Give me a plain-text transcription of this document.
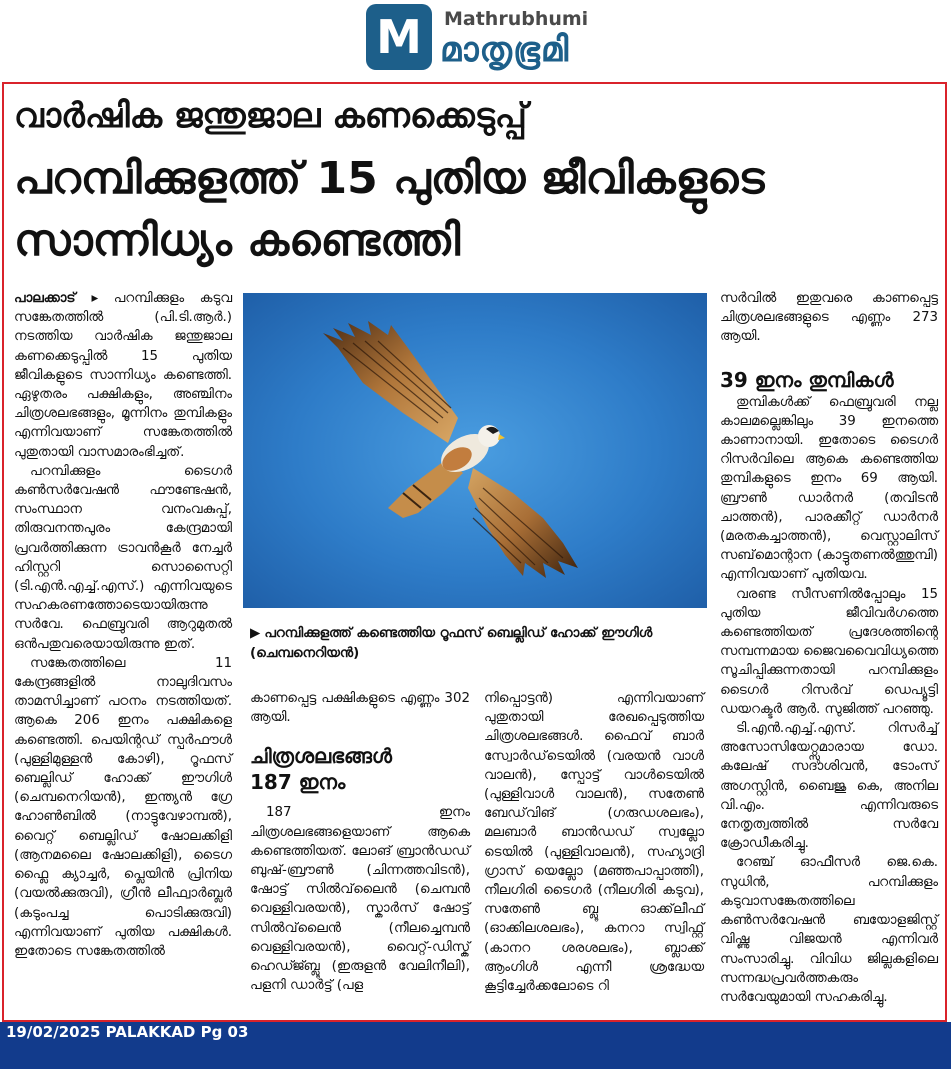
M	Mathrubhumi
മാതൃഭൂമി
വാർഷിക ജന്തുജാല കണക്കെടുപ്പ്
പറമ്പിക്കുളത്ത് 15 പുതിയ ജീവികളുടെ സാന്നിധ്യം കണ്ടെത്തി

പാലക്കാട് ▸ പറമ്പിക്കുളം കടുവ സങ്കേതത്തിൽ (പി.ടി.ആർ.) നടത്തിയ വാർഷിക ജന്തുജാല കണക്കെടുപ്പിൽ 15 പുതിയ ജീവികളുടെ സാന്നിധ്യം കണ്ടെത്തി. ഏഴുതരം പക്ഷികളും, അഞ്ചിനം ചിത്രശലഭങ്ങളും, മൂന്നിനം തുമ്പികളും എന്നിവയാണ് സങ്കേതത്തിൽ പുതുതായി വാസമാരംഭിച്ചത്.

പറമ്പിക്കുളം ടൈഗർ കൺസർവേഷൻ ഫൗണ്ടേഷൻ, സംസ്ഥാന വനംവകുപ്പ്, തിരുവനന്തപുരം കേന്ദ്രമായി പ്രവർത്തിക്കുന്ന ട്രാവൻകൂർ നേച്ചർ ഹിസ്റ്ററി സൊസൈറ്റി (ടി.എൻ.എച്ച്.എസ്.) എന്നിവയുടെ സഹകരണത്തോടെയായിരുന്നു സർവേ. ഫെബ്രുവരി ആറുമുതൽ ഒൻപതുവരെയായിരുന്നു ഇത്.

സങ്കേതത്തിലെ 11 കേന്ദ്രങ്ങളിൽ നാലുദിവസം താമസിച്ചാണ് പഠനം നടത്തിയത്. ആകെ 206 ഇനം പക്ഷികളെ കണ്ടെത്തി. പെയിന്റഡ് സ്പർഫൗൾ (പുള്ളിമുള്ളൻ കോഴി), റൂഫസ് ബെല്ലിഡ് ഹോക്ക് ഈഗിൾ (ചെമ്പനെറിയൻ), ഇന്ത്യൻ ഗ്രേ ഹോൺബിൽ (നാട്ടുവേഴാമ്പൽ), വൈറ്റ് ബെല്ലിഡ് ഷോലക്കിളി (ആനമലൈ ഷോലക്കിളി), ടൈഗ ഫ്ലൈ ക്യാച്ചർ, പ്ലെയിൻ പ്രിനിയ (വയൽക്കുരുവി), ഗ്രീൻ ലീഫ്വാർബ്ലർ (കടുംപച്ച പൊടിക്കുരുവി) എന്നിവയാണ് പുതിയ പക്ഷികൾ. ഇതോടെ സങ്കേതത്തിൽ

▶ പറമ്പിക്കുളത്ത് കണ്ടെത്തിയ റൂഫസ് ബെല്ലിഡ് ഹോക്ക് ഈഗിൾ (ചെമ്പനെറിയൻ)

കാണപ്പെട്ട പക്ഷികളുടെ എണ്ണം 302 ആയി.

ചിത്രശലഭങ്ങൾ

187 ഇനം

187 ഇനം ചിത്രശലഭങ്ങളെയാണ് ആകെ കണ്ടെത്തിയത്. ലോങ് ബ്രാൻഡഡ് ബുഷ്-ബ്രൗൺ (ചിന്നത്തവിടൻ), ഷോട്ട് സിൽവ്‌ലൈൻ (ചെമ്പൻ വെള്ളിവരയൻ), സ്കാർസ് ഷോട്ട് സിൽവ്‌ലൈൻ (നീലച്ചെമ്പൻ വെള്ളിവരയൻ), വൈറ്റ്-ഡിസ്ക് ഹെഡ്ജ്ബ്ലൂ (ഇരുളൻ വേലിനീലി), പളനി ഡാർട്ട് (പള

നിപ്പൊട്ടൻ) എന്നിവയാണ് പുതുതായി രേഖപ്പെടുത്തിയ ചിത്രശലഭങ്ങൾ. ഫൈവ് ബാർ സ്വോർഡ്‌ടെയിൽ (വരയൻ വാൾ വാലൻ), സ്പോട്ട് വാൾടെയിൽ (പുള്ളിവാൾ വാലൻ), സതേൺ ബേഡ്‌വിങ് (ഗരുഡശലഭം), മലബാർ ബാൻഡഡ് സ്വല്ലോ ടെയിൽ (പുള്ളിവാലൻ), സഹ്യാദ്രി ഗ്രാസ് യെല്ലോ (മഞ്ഞപാപ്പാത്തി), നീലഗിരി ടൈഗർ (നീലഗിരി കടുവ), സതേൺ ബ്ലൂ ഓക്ക്‌ലീഫ് (ഓക്കിലശലഭം), കനറാ സ്വിഫ്റ്റ് (കാനറ ശരശലഭം), ബ്ലാക്ക് ആംഗിൾ എന്നീ ശ്രദ്ധേയ കൂട്ടിച്ചേർക്കലോടെ റി

സർവിൽ ഇതുവരെ കാണപ്പെട്ട ചിത്രശലഭങ്ങളുടെ എണ്ണം 273 ആയി.

39 ഇനം തുമ്പികൾ

തുമ്പികൾക്ക് ഫെബ്രുവരി നല്ല കാലമല്ലെങ്കിലും 39 ഇനത്തെ കാണാനായി. ഇതോടെ ടൈഗർ റിസർവിലെ ആകെ കണ്ടെത്തിയ തുമ്പികളുടെ ഇനം 69 ആയി. ബ്രൗൺ ഡാർനർ (തവിടൻ ചാത്തൻ), പാരക്കീറ്റ് ഡാർനർ (മരതകച്ചാത്തൻ), വെസ്റ്റാലിസ് സബ്‌മൊന്റാന (കാട്ടുതണൽത്തുമ്പി) എന്നിവയാണ് പുതിയവ.

വരണ്ട സീസണിൽപ്പോലും 15 പുതിയ ജീവിവർഗത്തെ കണ്ടെത്തിയത് പ്രദേശത്തിന്റെ സമ്പന്നമായ ജൈവവൈവിധ്യത്തെ സൂചിപ്പിക്കുന്നതായി പറമ്പിക്കുളം ടൈഗർ റിസർവ് ഡെപ്യൂട്ടി ഡയറക്ടർ ആർ. സുജിത്ത് പറഞ്ഞു.

ടി.എൻ.എച്ച്.എസ്. റിസർച്ച് അസോസിയേറ്റ്സുമാരായ ഡോ. കലേഷ് സദാശിവൻ, ടോംസ് അഗസ്റ്റിൻ, ബൈജു കെ, അനില വി.എം. എന്നിവരുടെ നേതൃത്വത്തിൽ സർവേ ക്രോഡീകരിച്ചു.

റേഞ്ച് ഓഫീസർ ജെ.കെ. സുധിൻ, പറമ്പിക്കുളം കടുവാസങ്കേതത്തിലെ കൺസർവേഷൻ ബയോളജിസ്റ്റ് വിഷ്ണു വിജയൻ എന്നിവർ സംസാരിച്ചു. വിവിധ ജില്ലകളിലെ സന്നദ്ധപ്രവർത്തകരും സർവേയുമായി സഹകരിച്ചു.

19/02/2025 PALAKKAD Pg 03
